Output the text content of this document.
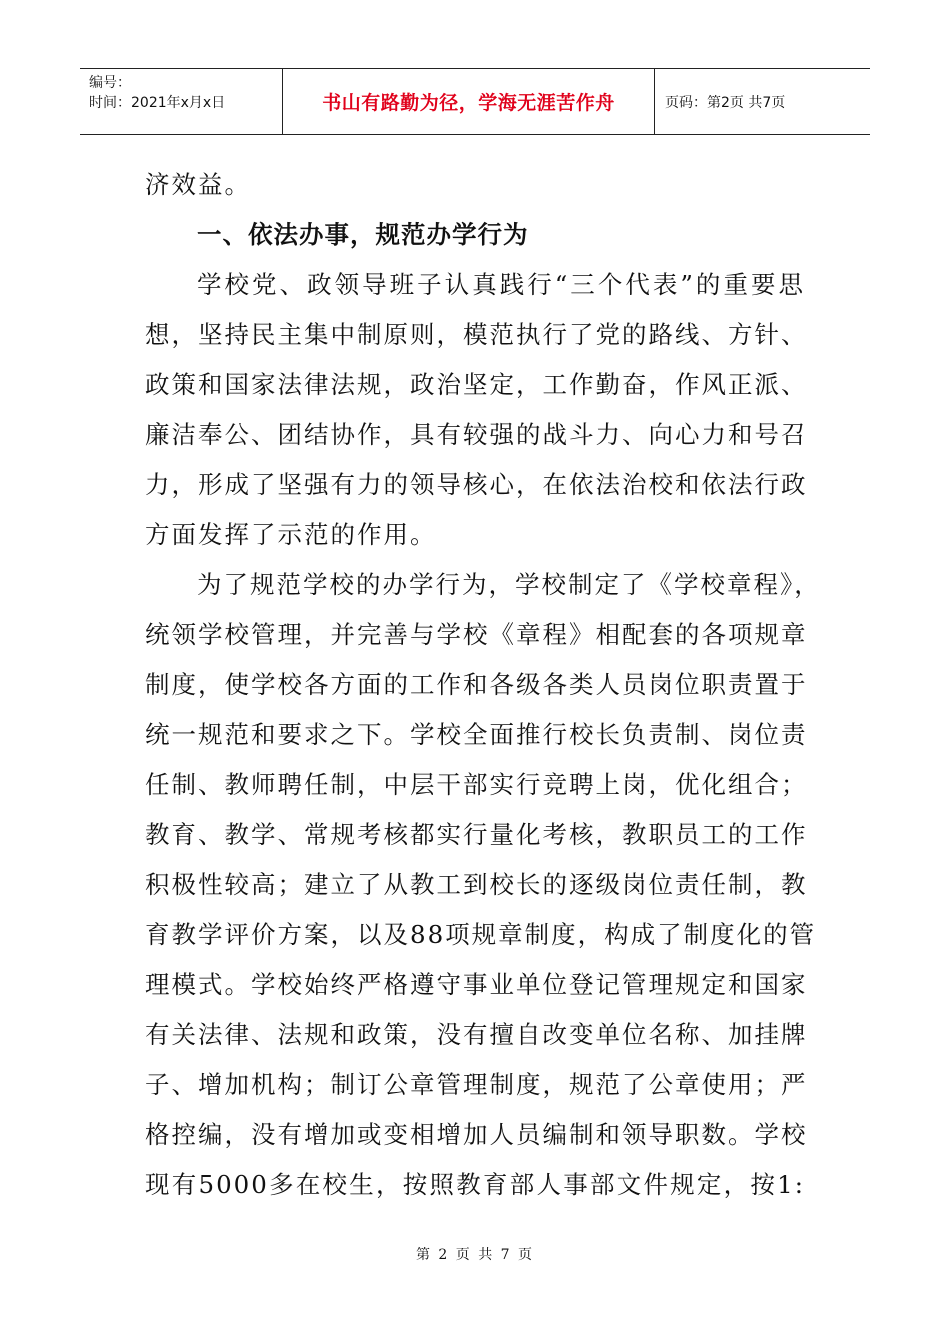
编号：
时间：2021年x月x日	书山有路勤为径，学海无涯苦作舟	页码：第2页 共7页
济效益。
一、依法办事，规范办学行为
学校党、政领导班子认真践行“三个代表”的重要思
想，坚持民主集中制原则，模范执行了党的路线、方针、
政策和国家法律法规，政治坚定，工作勤奋，作风正派、
廉洁奉公、团结协作，具有较强的战斗力、向心力和号召
力，形成了坚强有力的领导核心，在依法治校和依法行政
方面发挥了示范的作用。
为了规范学校的办学行为，学校制定了《学校章程》，
统领学校管理，并完善与学校《章程》相配套的各项规章
制度，使学校各方面的工作和各级各类人员岗位职责置于
统一规范和要求之下。学校全面推行校长负责制、岗位责
任制、教师聘任制，中层干部实行竞聘上岗，优化组合；
教育、教学、常规考核都实行量化考核，教职员工的工作
积极性较高；建立了从教工到校长的逐级岗位责任制，教
育教学评价方案，以及88项规章制度，构成了制度化的管
理模式。学校始终严格遵守事业单位登记管理规定和国家
有关法律、法规和政策，没有擅自改变单位名称、加挂牌
子、增加机构；制订公章管理制度，规范了公章使用；严
格控编，没有增加或变相增加人员编制和领导职数。学校
现有5000多在校生，按照教育部人事部文件规定，按1:
第 2 页 共 7 页
